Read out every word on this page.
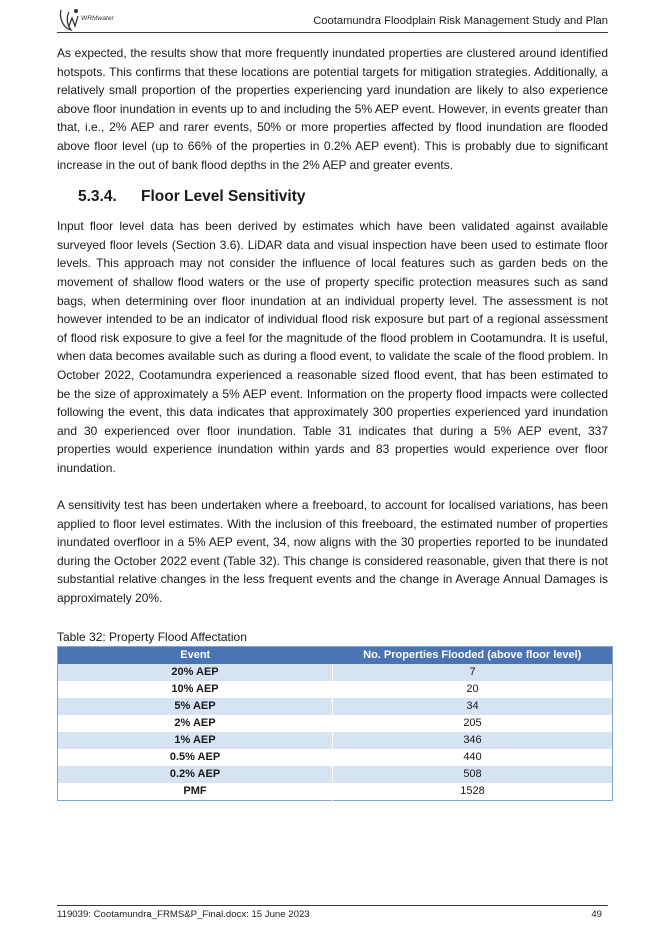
WRMwater	Cootamundra Floodplain Risk Management Study and Plan

As expected, the results show that more frequently inundated properties are clustered around identified hotspots. This confirms that these locations are potential targets for mitigation strategies. Additionally, a relatively small proportion of the properties experiencing yard inundation are likely to also experience above floor inundation in events up to and including the 5% AEP event. However, in events greater than that, i.e., 2% AEP and rarer events, 50% or more properties affected by flood inundation are flooded above floor level (up to 66% of the properties in 0.2% AEP event). This is probably due to significant increase in the out of bank flood depths in the 2% AEP and greater events.

5.3.4. Floor Level Sensitivity

Input floor level data has been derived by estimates which have been validated against available surveyed floor levels (Section 3.6). LiDAR data and visual inspection have been used to estimate floor levels. This approach may not consider the influence of local features such as garden beds on the movement of shallow flood waters or the use of property specific protection measures such as sand bags, when determining over floor inundation at an individual property level. The assessment is not however intended to be an indicator of individual flood risk exposure but part of a regional assessment of flood risk exposure to give a feel for the magnitude of the flood problem in Cootamundra. It is useful, when data becomes available such as during a flood event, to validate the scale of the flood problem. In October 2022, Cootamundra experienced a reasonable sized flood event, that has been estimated to be the size of approximately a 5% AEP event. Information on the property flood impacts were collected following the event, this data indicates that approximately 300 properties experienced yard inundation and 30 experienced over floor inundation. Table 31 indicates that during a 5% AEP event, 337 properties would experience inundation within yards and 83 properties would experience over floor inundation.

A sensitivity test has been undertaken where a freeboard, to account for localised variations, has been applied to floor level estimates. With the inclusion of this freeboard, the estimated number of properties inundated overfloor in a 5% AEP event, 34, now aligns with the 30 properties reported to be inundated during the October 2022 event (Table 32). This change is considered reasonable, given that there is not substantial relative changes in the less frequent events and the change in Average Annual Damages is approximately 20%.

Table 32: Property Flood Affectation
Event	No. Properties Flooded (above floor level)
20% AEP	7
10% AEP	20
5% AEP	34
2% AEP	205
1% AEP	346
0.5% AEP	440
0.2% AEP	508
PMF	1528
119039: Cootamundra_FRMS&P_Final.docx: 15 June 2023	49
